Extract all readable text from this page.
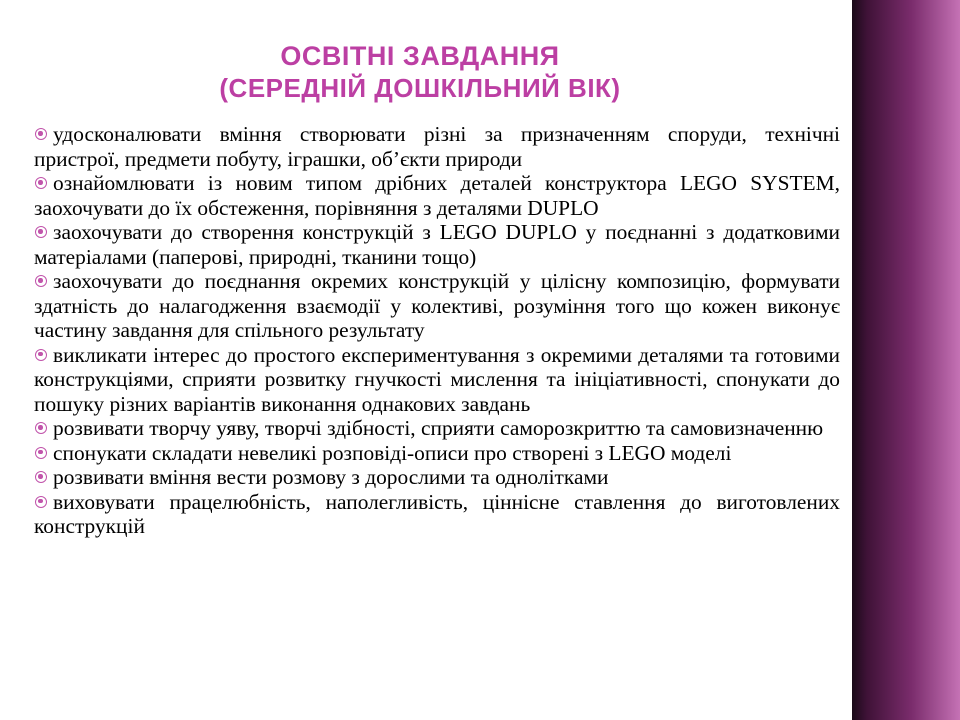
ОСВІТНІ ЗАВДАННЯ
(СЕРЕДНІЙ ДОШКІЛЬНИЙ ВІК)

удосконалювати вміння створювати різні за призначенням споруди, технічні пристрої, предмети побуту, іграшки, об’єкти природи

ознайомлювати із новим типом дрібних деталей конструктора LEGO SYSTEM, заохочувати до їх обстеження, порівняння з деталями DUPLO

заохочувати до створення конструкцій з LEGO DUPLO у поєднанні з додатковими матеріалами (паперові, природні, тканини тощо)

заохочувати до поєднання окремих конструкцій у цілісну композицію, формувати здатність до налагодження взаємодії у колективі, розуміння того що кожен виконує частину завдання для спільного результату

викликати інтерес до простого експериментування з окремими деталями та готовими конструкціями, сприяти розвитку гнучкості мислення та ініціативності, спонукати до пошуку різних варіантів виконання однакових завдань

розвивати творчу уяву, творчі здібності, сприяти саморозкриттю та самовизначенню

спонукати складати невеликі розповіді-описи про створені з LEGO моделі

розвивати вміння вести розмову з дорослими та однолітками

виховувати працелюбність, наполегливість, ціннісне ставлення до виготовлених конструкцій
